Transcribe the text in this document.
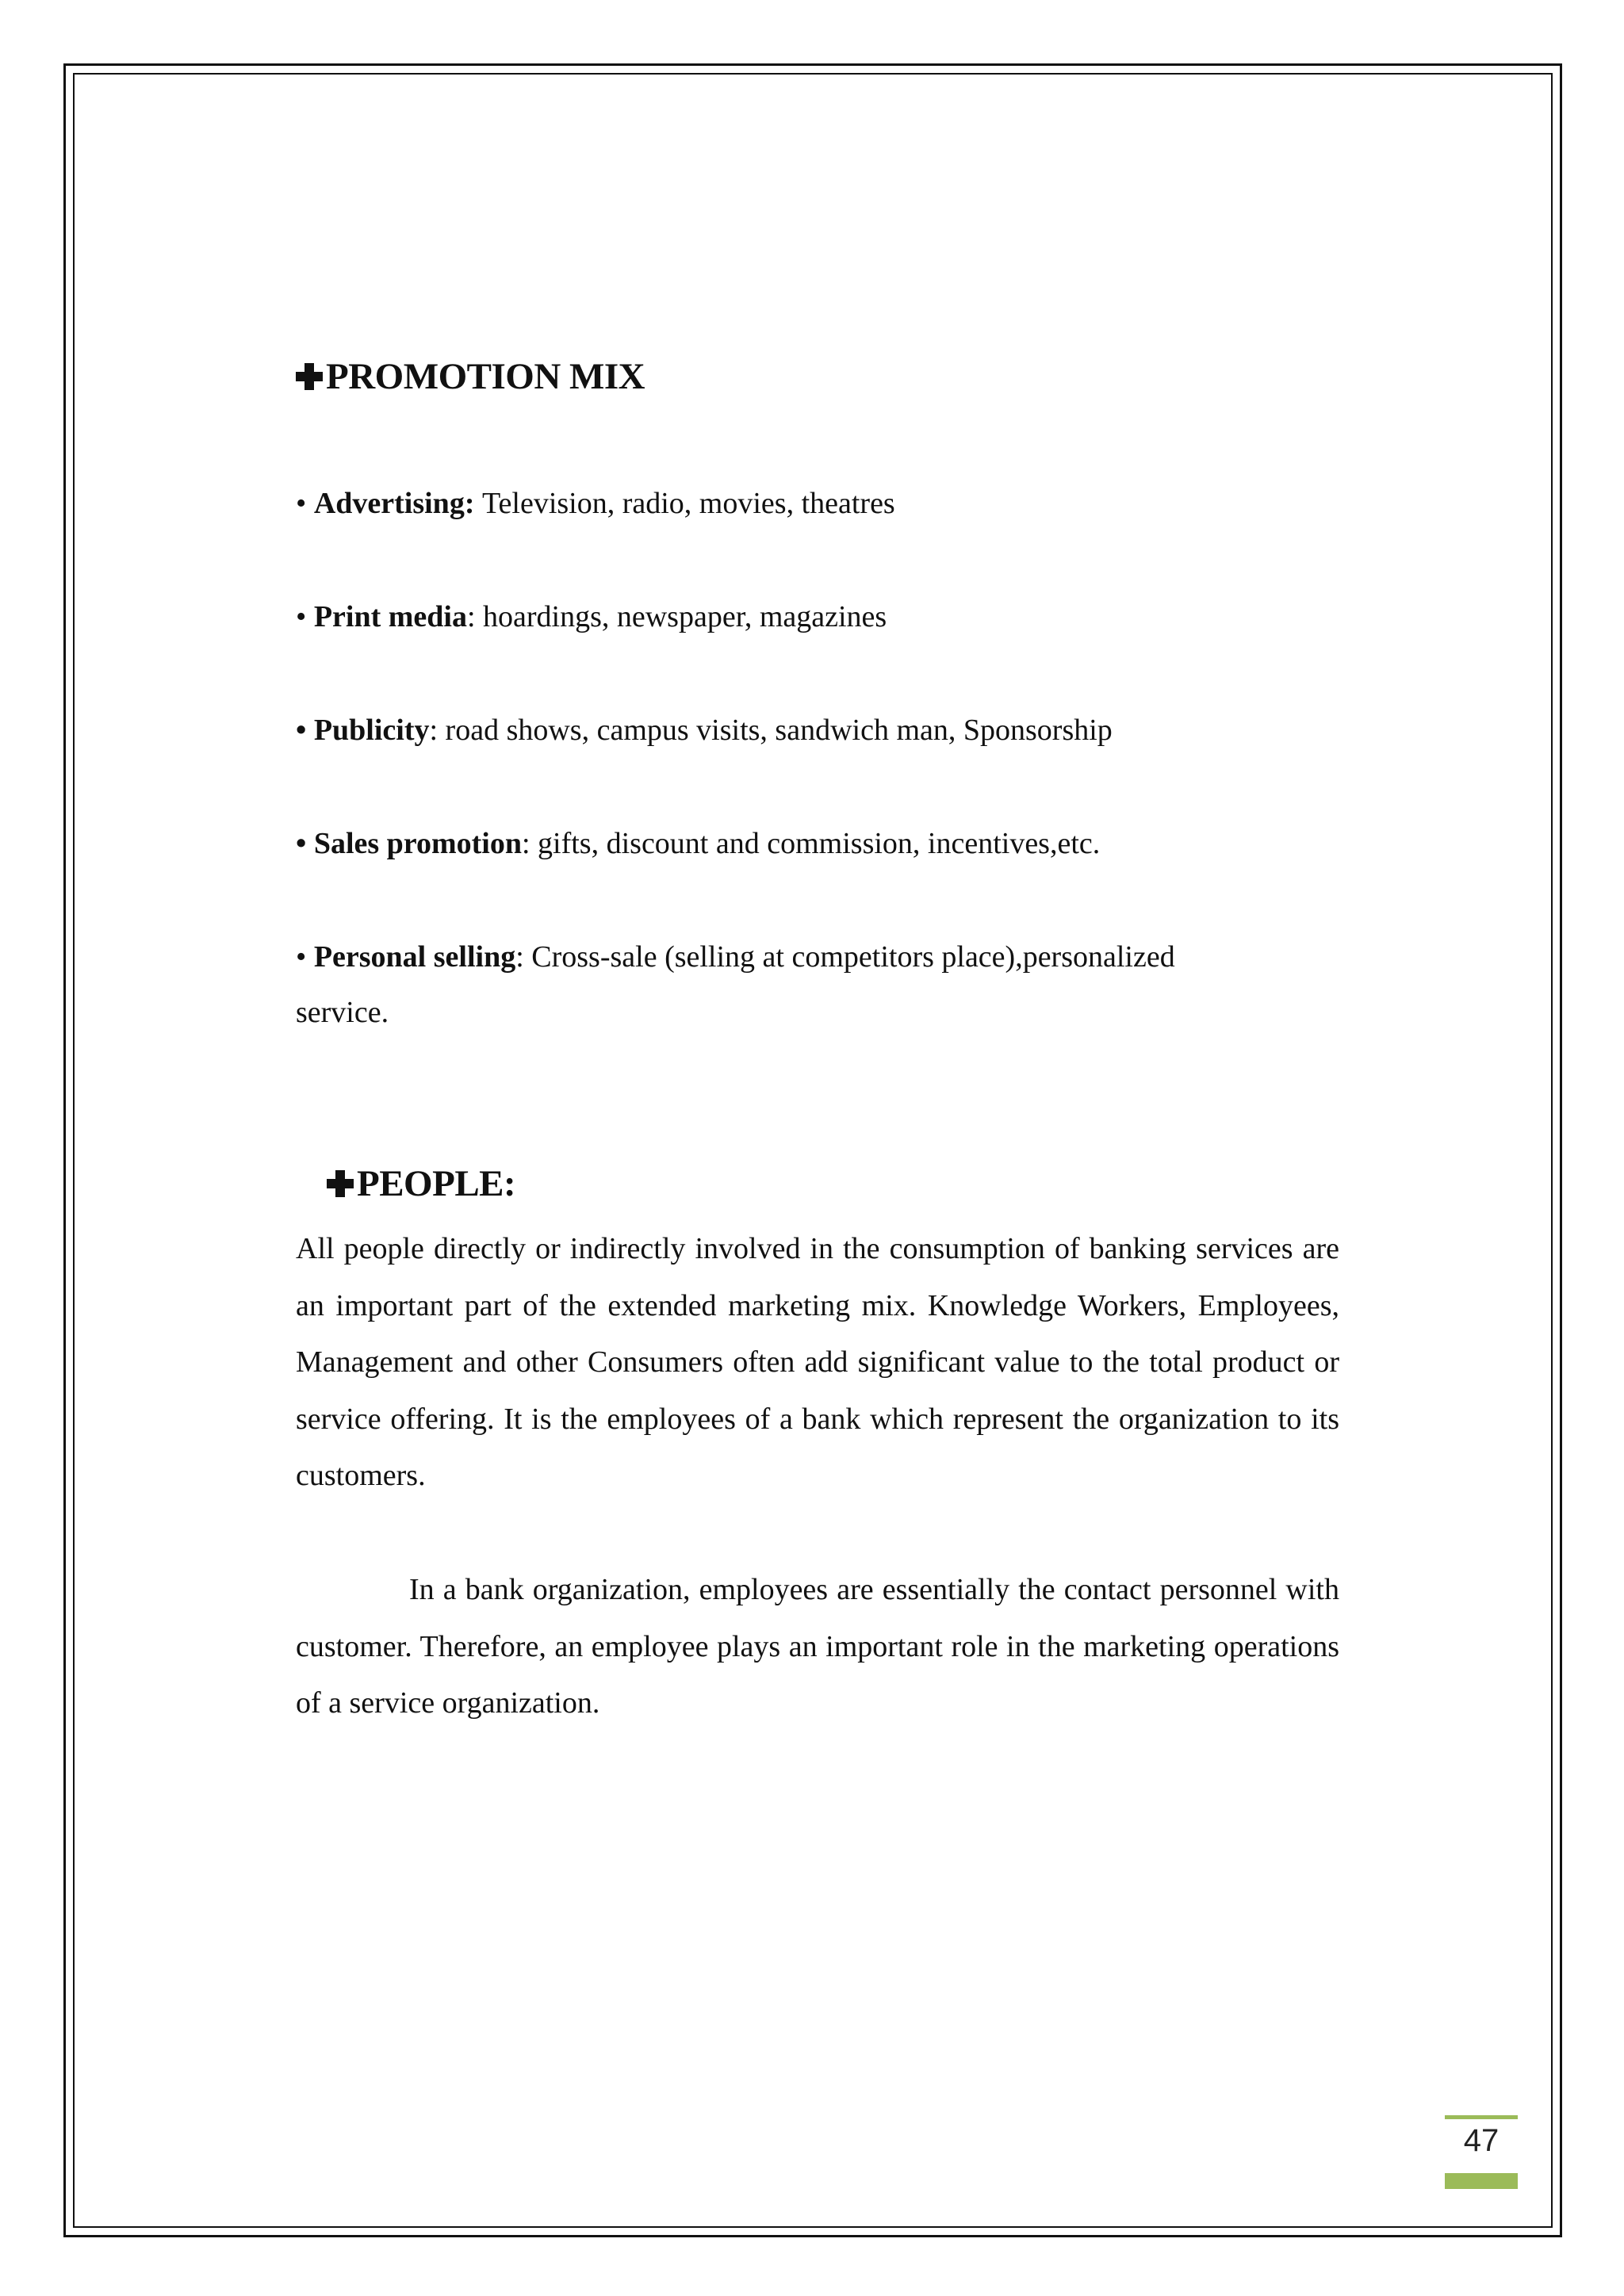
PROMOTION MIX
• Advertising: Television, radio, movies, theatres
• Print media: hoardings, newspaper, magazines
• Publicity: road shows, campus visits, sandwich man, Sponsorship
• Sales promotion: gifts, discount and commission, incentives,etc.
• Personal selling: Cross-sale (selling at competitors place),personalized
service.
PEOPLE:
All people directly or indirectly involved in the consumption of banking services are an important part of the extended marketing mix. Knowledge Workers, Employees, Management and other Consumers often add significant value to the total product or service offering. It is the employees of a bank which represent the organization to its customers.
In a bank organization, employees are essentially the contact personnel with customer. Therefore, an employee plays an important role in the marketing operations of a service organization.
47
